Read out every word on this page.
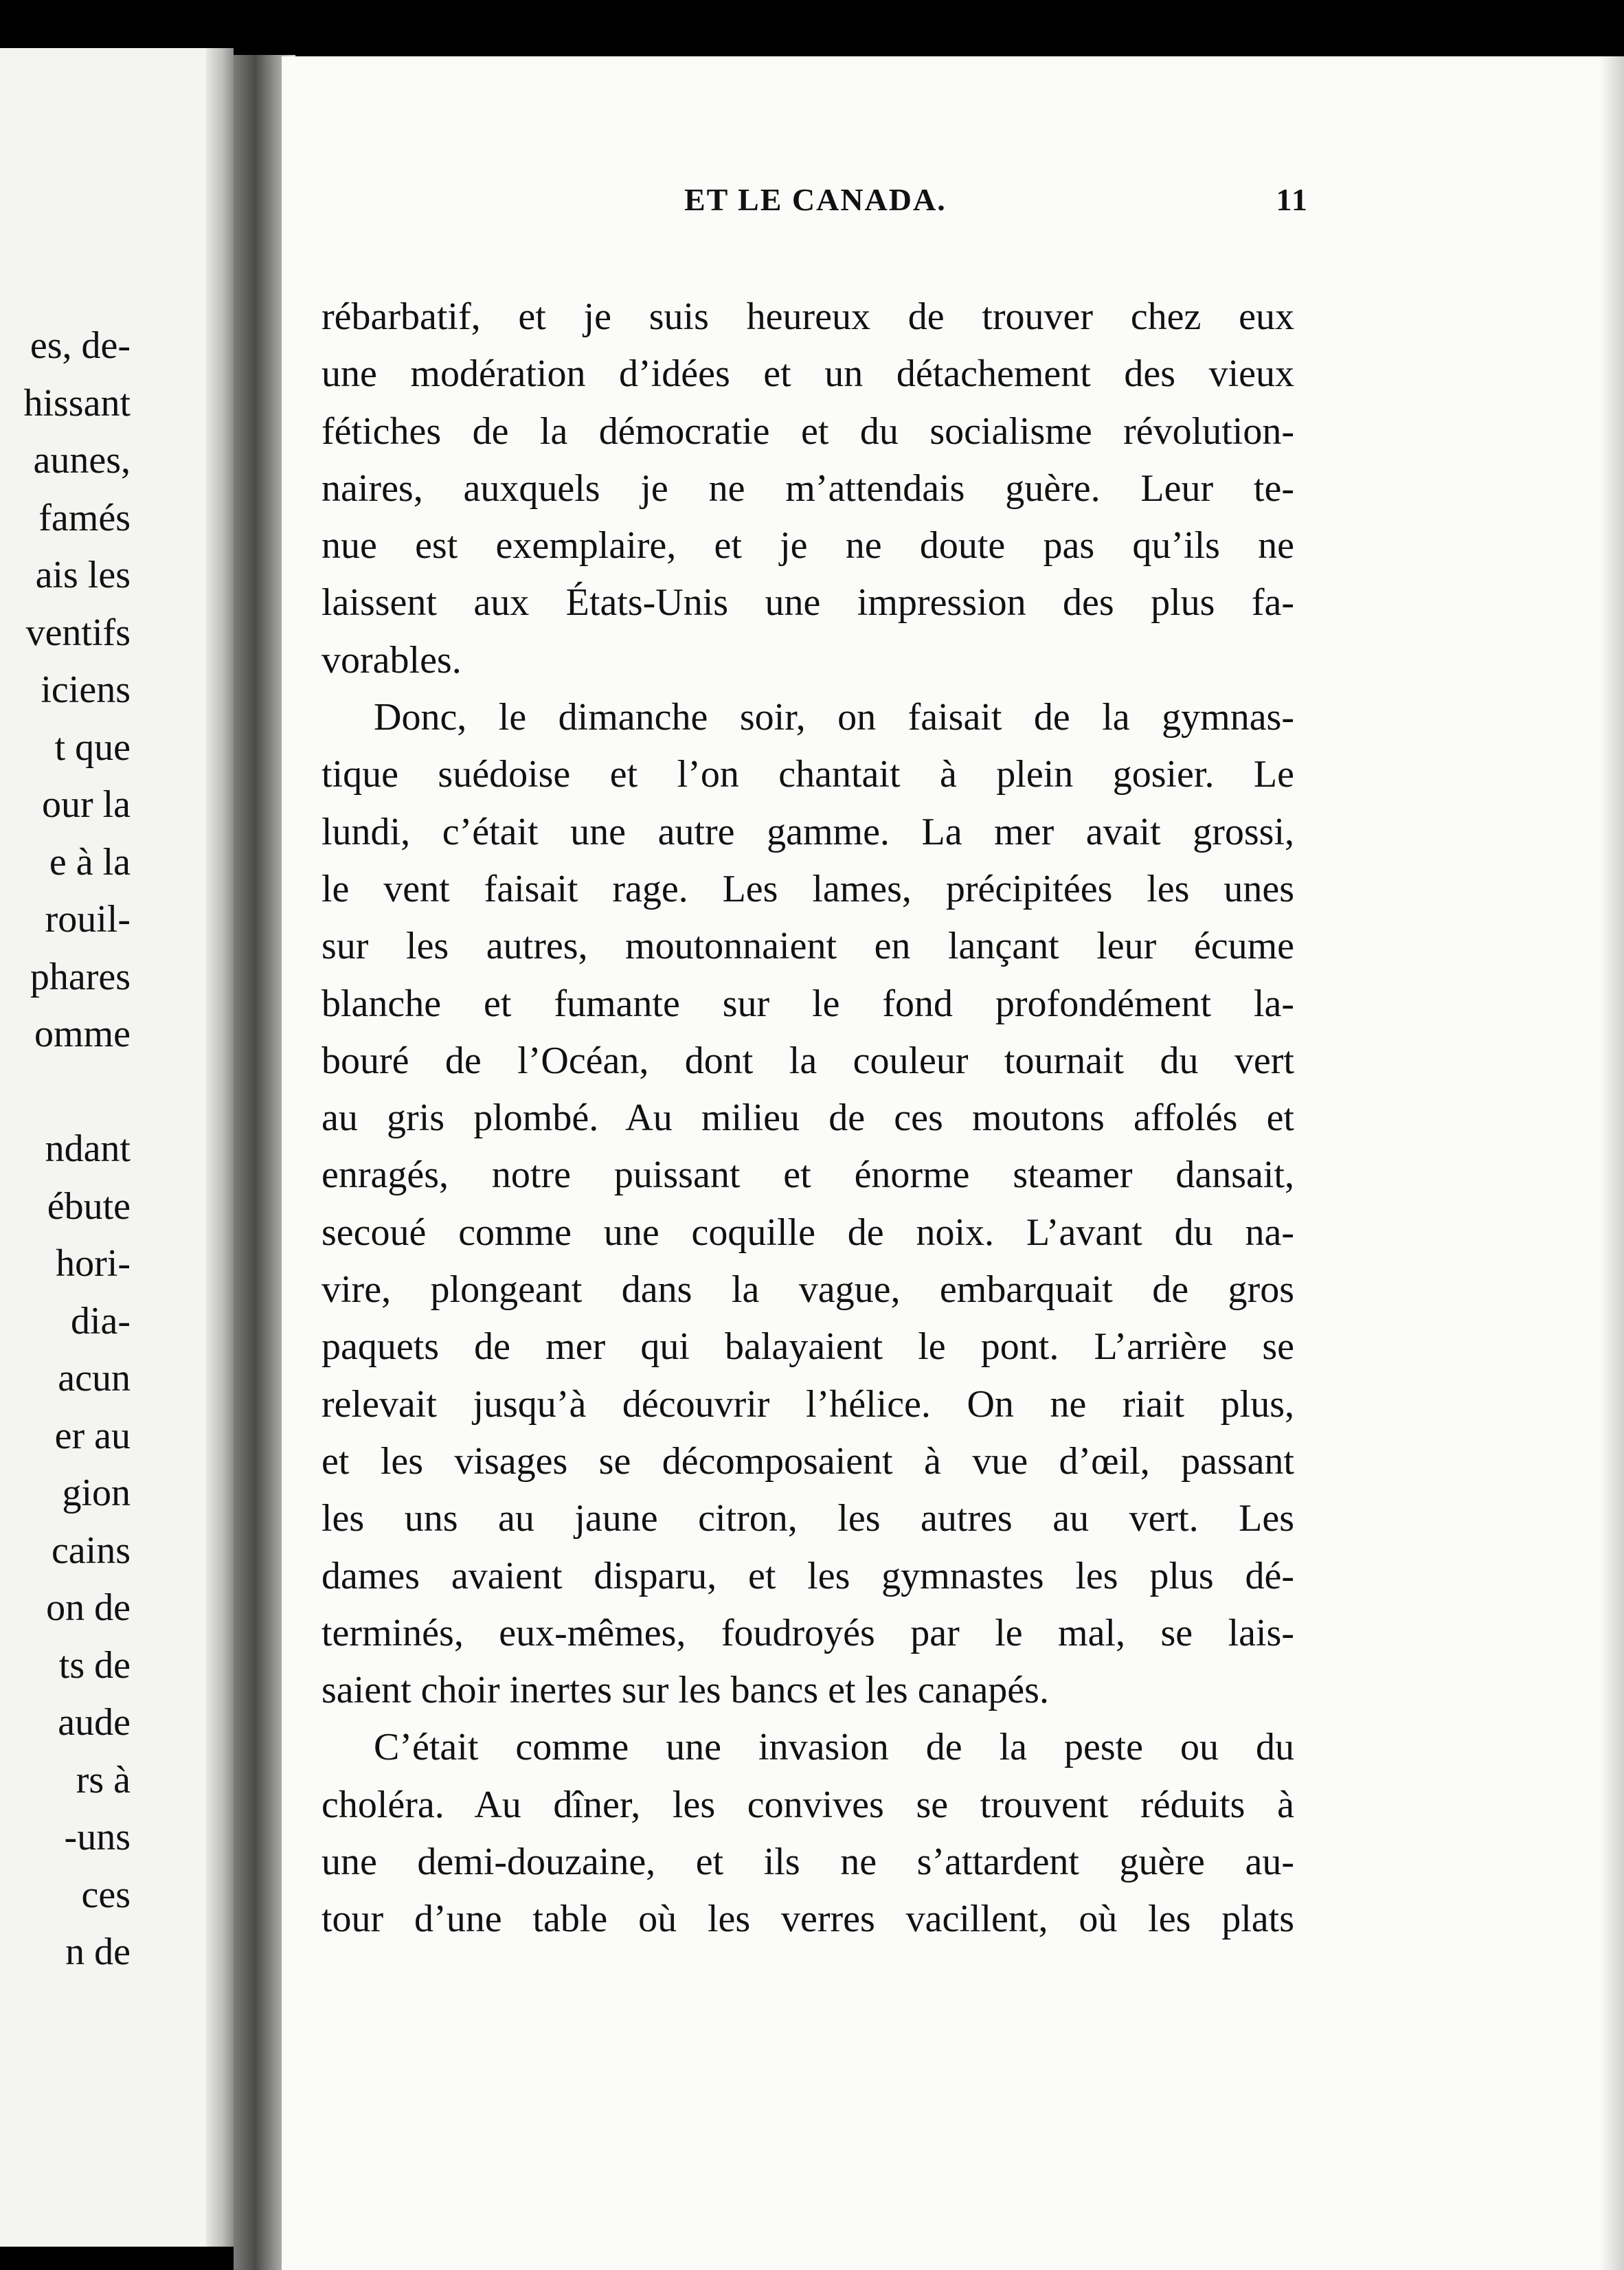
es, de-
hissant
aunes,
famés
ais les
ventifs
iciens
t que
our la
e à la
rouil-
phares
omme
ndant
ébute
hori-
dia-
acun
er au
gion
cains
on de
ts de
aude
rs à
-uns
ces
n de
ET LE CANADA.	11
rébarbatif, et je suis heureux de trouver chez eux
une modération d’idées et un détachement des vieux
fétiches de la démocratie et du socialisme révolution-
naires, auxquels je ne m’attendais guère. Leur te-
nue est exemplaire, et je ne doute pas qu’ils ne
laissent aux États-Unis une impression des plus fa-
vorables.
Donc, le dimanche soir, on faisait de la gymnas-
tique suédoise et l’on chantait à plein gosier. Le
lundi, c’était une autre gamme. La mer avait grossi,
le vent faisait rage. Les lames, précipitées les unes
sur les autres, moutonnaient en lançant leur écume
blanche et fumante sur le fond profondément la-
bouré de l’Océan, dont la couleur tournait du vert
au gris plombé. Au milieu de ces moutons affolés et
enragés, notre puissant et énorme steamer dansait,
secoué comme une coquille de noix. L’avant du na-
vire, plongeant dans la vague, embarquait de gros
paquets de mer qui balayaient le pont. L’arrière se
relevait jusqu’à découvrir l’hélice. On ne riait plus,
et les visages se décomposaient à vue d’œil, passant
les uns au jaune citron, les autres au vert. Les
dames avaient disparu, et les gymnastes les plus dé-
terminés, eux-mêmes, foudroyés par le mal, se lais-
saient choir inertes sur les bancs et les canapés.
C’était comme une invasion de la peste ou du
choléra. Au dîner, les convives se trouvent réduits à
une demi-douzaine, et ils ne s’attardent guère au-
tour d’une table où les verres vacillent, où les plats
